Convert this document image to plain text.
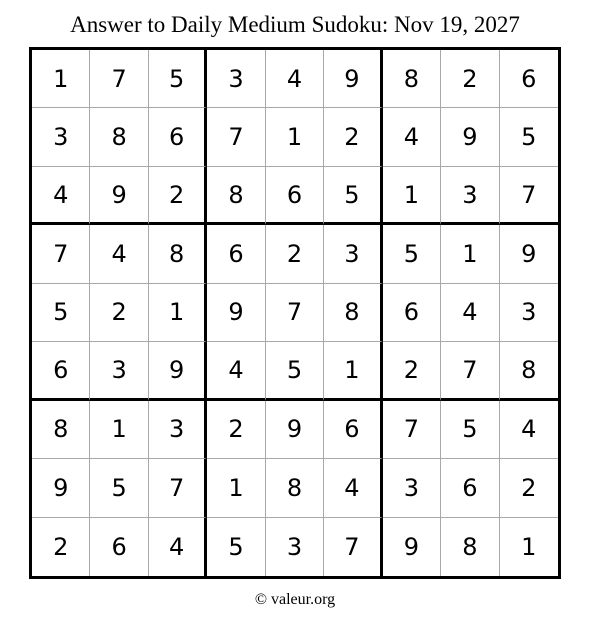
Answer to Daily Medium Sudoku: Nov 19, 2027
1	7	5	3	4	9	8	2	6
3	8	6	7	1	2	4	9	5
4	9	2	8	6	5	1	3	7
7	4	8	6	2	3	5	1	9
5	2	1	9	7	8	6	4	3
6	3	9	4	5	1	2	7	8
8	1	3	2	9	6	7	5	4
9	5	7	1	8	4	3	6	2
2	6	4	5	3	7	9	8	1
© valeur.org
